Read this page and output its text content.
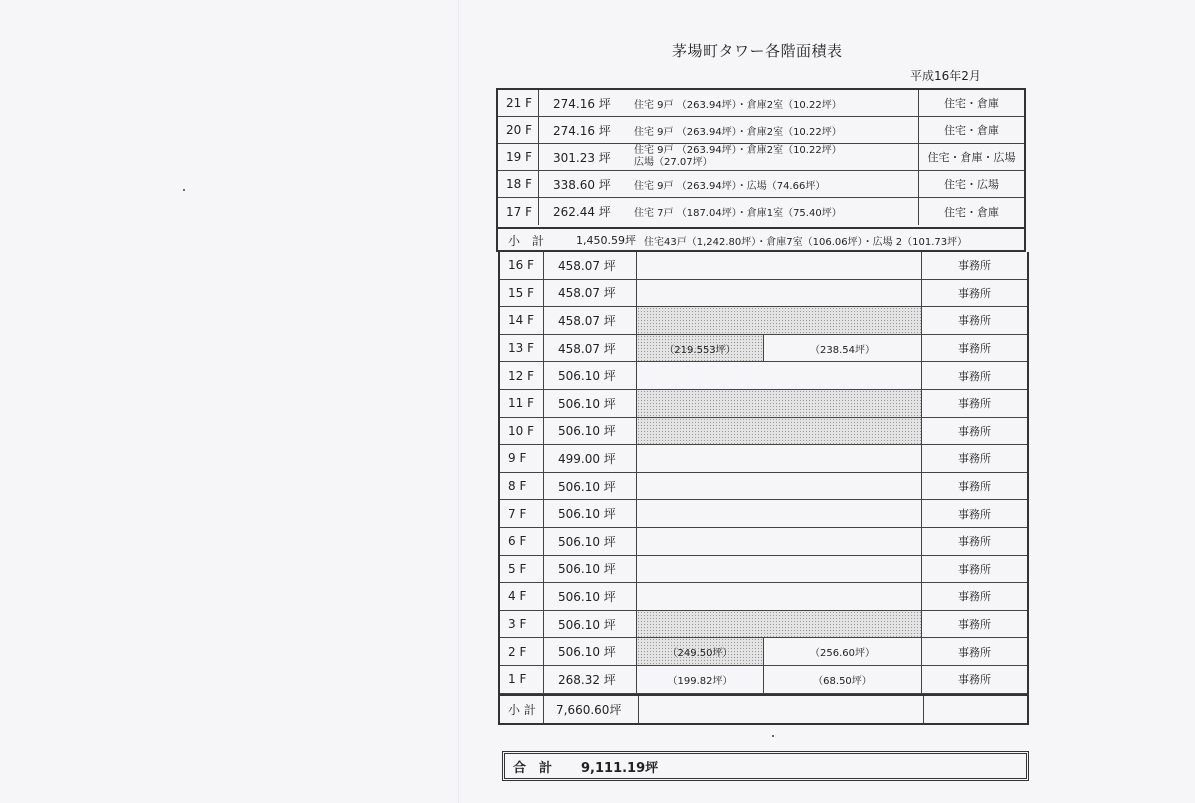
茅場町タワー各階面積表
平成16年2月
21 F	274.16 坪	住宅 9戸 （263.94坪）・倉庫2室（10.22坪）	住宅・倉庫
20 F	274.16 坪	住宅 9戸 （263.94坪）・倉庫2室（10.22坪）	住宅・倉庫
19 F	301.23 坪	住宅 9戸 （263.94坪）・倉庫2室（10.22坪）
広場（27.07坪）	住宅・倉庫・広場
18 F	338.60 坪	住宅 9戸 （263.94坪）・広場（74.66坪）	住宅・広場
17 F	262.44 坪	住宅 7戸 （187.04坪）・倉庫1室（75.40坪）	住宅・倉庫
小　計	1,450.59坪 住宅43戸（1,242.80坪）・倉庫7室（106.06坪）・広場 2（101.73坪）
16 F	458.07 坪	事務所
15 F	458.07 坪	事務所
14 F	458.07 坪	事務所
13 F	458.07 坪	（219.553坪）	（238.54坪）	事務所
12 F	506.10 坪	事務所
11 F	506.10 坪	事務所
10 F	506.10 坪	事務所
9 F	499.00 坪	事務所
8 F	506.10 坪	事務所
7 F	506.10 坪	事務所
6 F	506.10 坪	事務所
5 F	506.10 坪	事務所
4 F	506.10 坪	事務所
3 F	506.10 坪	事務所
2 F	506.10 坪	（249.50坪）	（256.60坪）	事務所
1 F	268.32 坪	（199.82坪）	（68.50坪）	事務所
小 計	7,660.60坪
合　計 9,111.19坪
